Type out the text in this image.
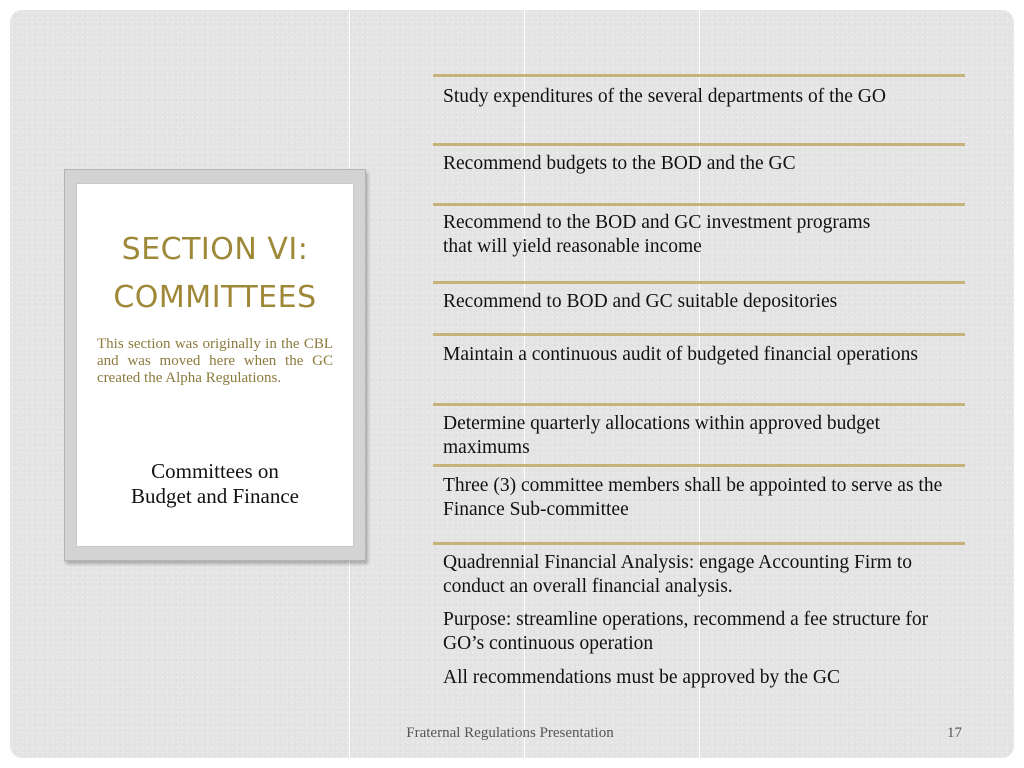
SECTION VI:
COMMITTEES

This section was originally in the CBL and was moved here when the GC created the Alpha Regulations.

Committees on
Budget and Finance

Study expenditures of the several departments of the GO

Recommend budgets to the BOD and the GC

Recommend to the BOD and GC investment programs that will yield reasonable income

Recommend to BOD and GC suitable depositories

Maintain a continuous audit of budgeted financial operations

Determine quarterly allocations within approved budget maximums

Three (3) committee members shall be appointed to serve as the Finance Sub-committee

Quadrennial Financial Analysis: engage Accounting Firm to conduct an overall financial analysis.

Purpose: streamline operations, recommend a fee structure for GO’s continuous operation

All recommendations must be approved by the GC

Fraternal Regulations Presentation	17
